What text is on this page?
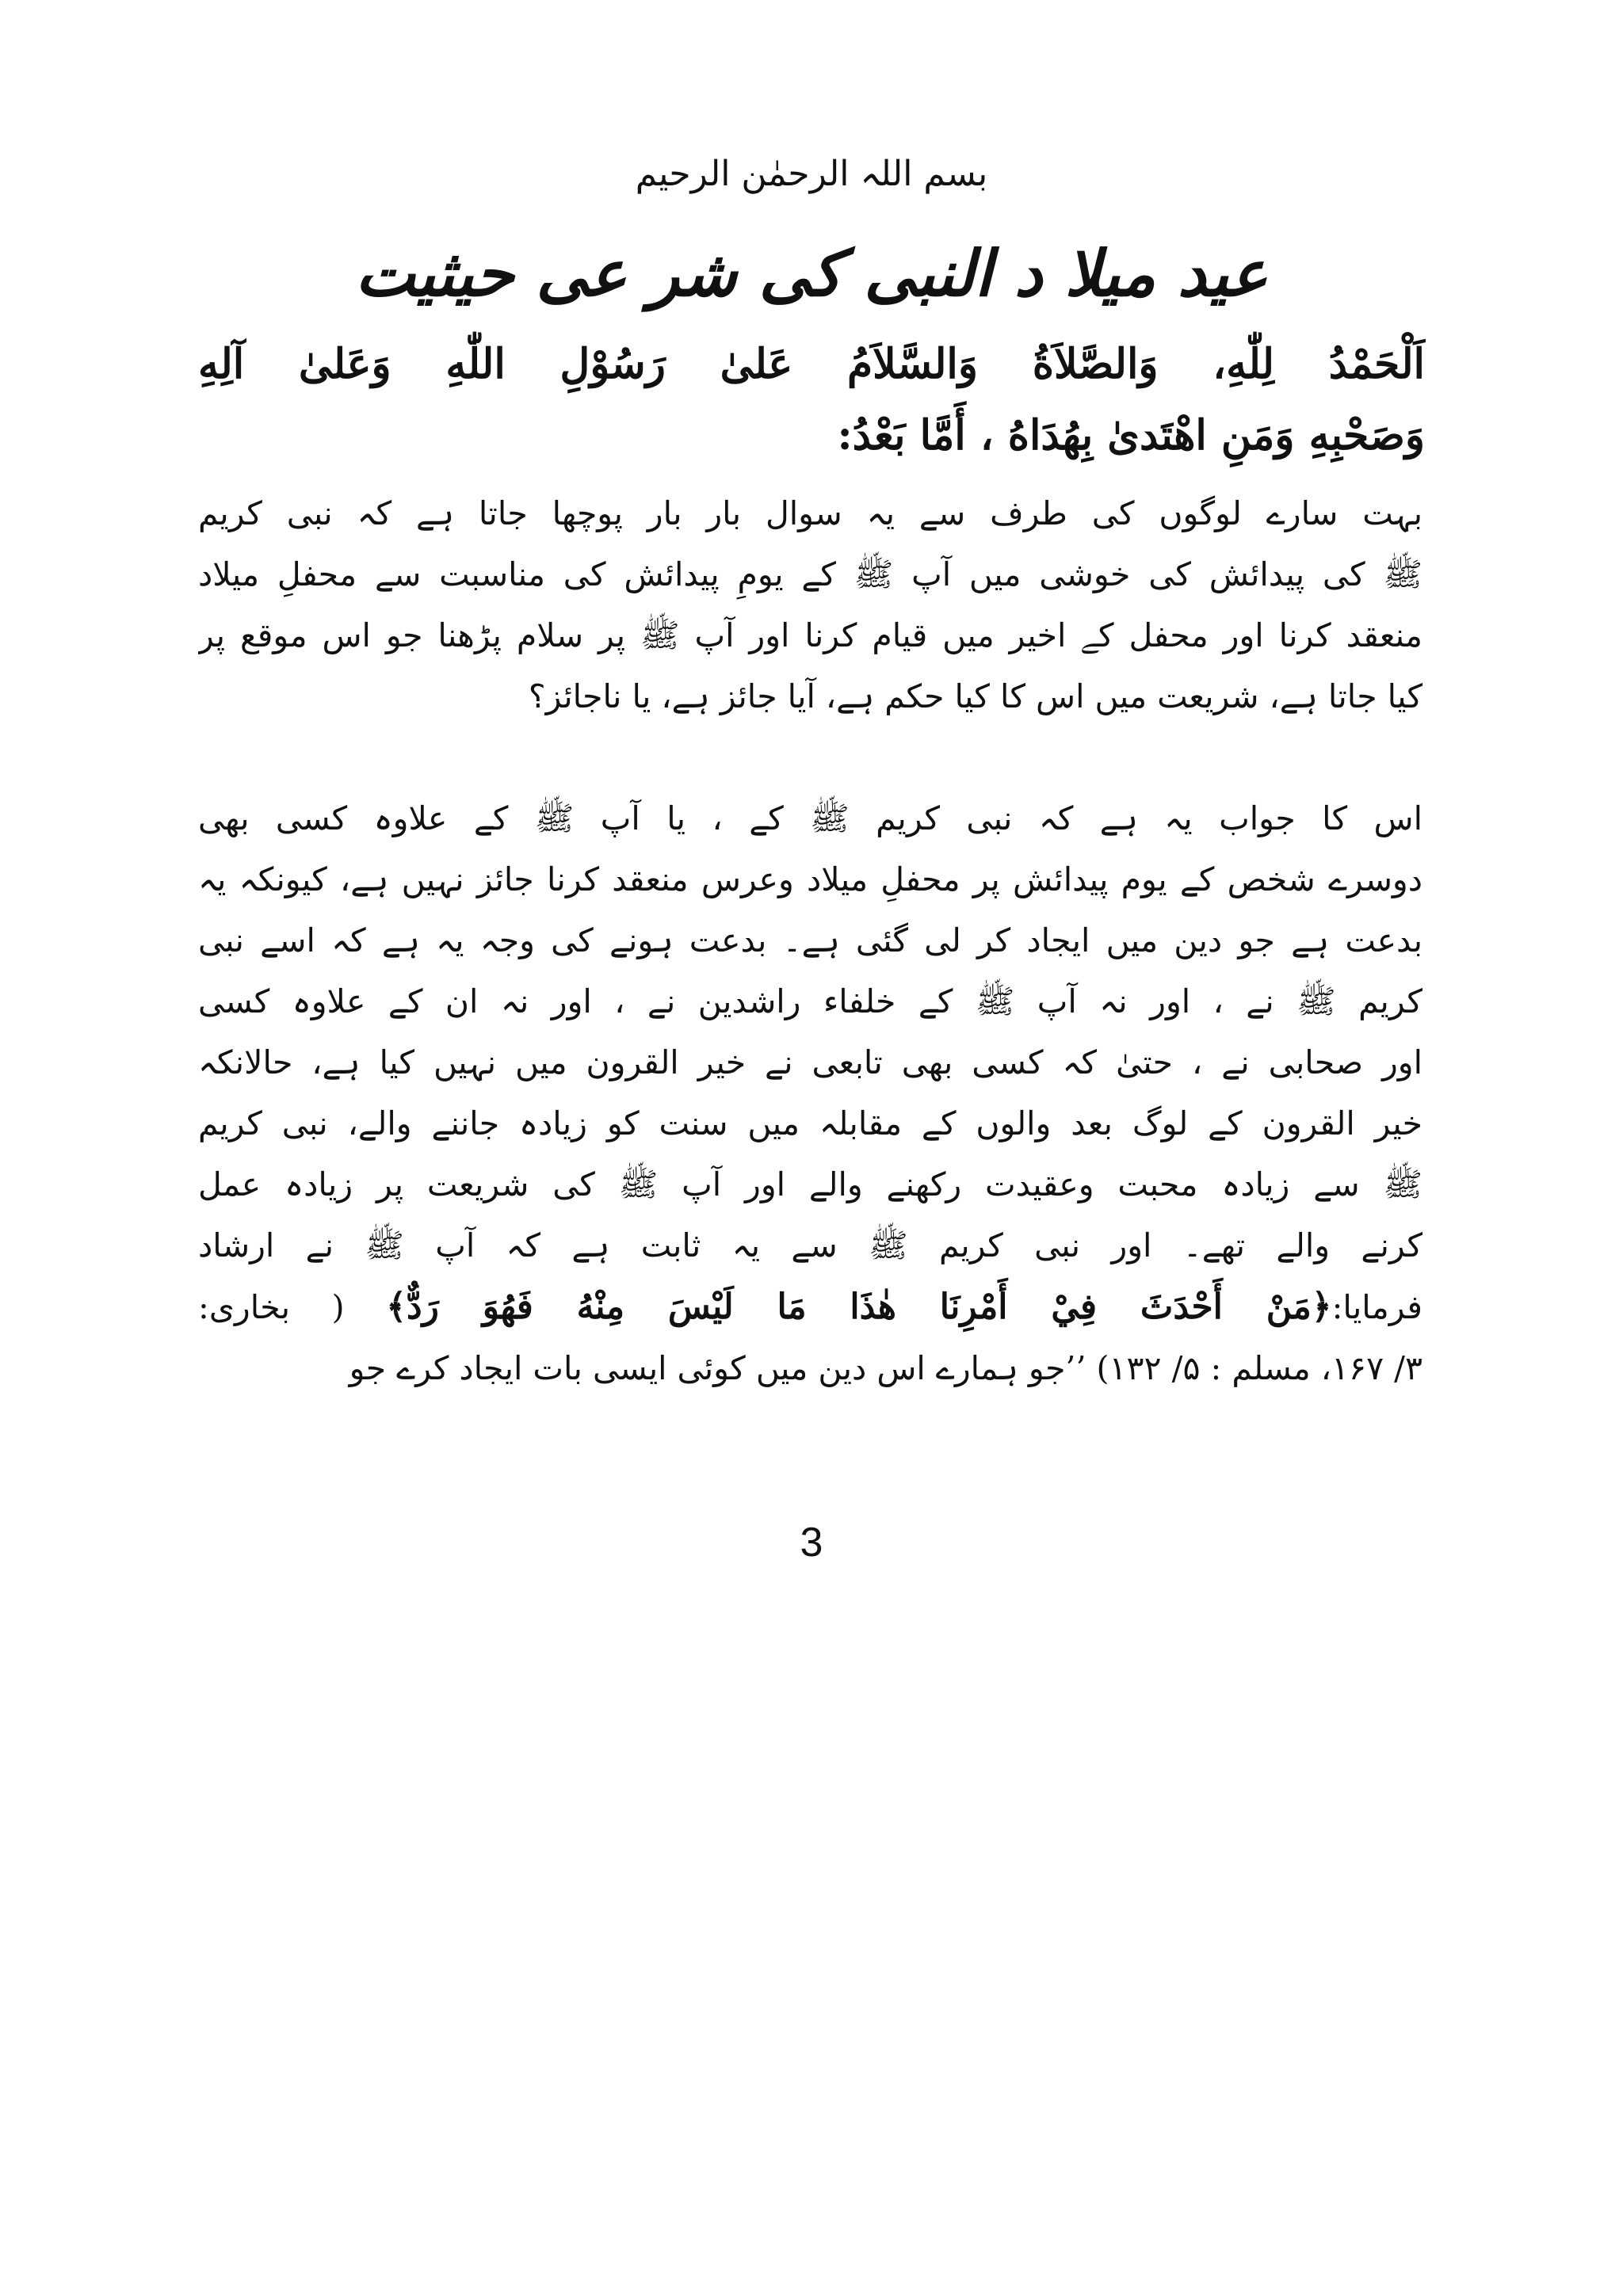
بسم اللہ الرحمٰن الرحیم
عید میلا د النبی کی شر عی حیثیت
اَلْحَمْدُ لِلّٰهِ، وَالصَّلاَةُ وَالسَّلاَمُ عَلیٰ رَسُوْلِ اللّٰهِ وَعَلیٰ آلِهِ
وَصَحْبِهِ وَمَنِ اهْتَدیٰ بِهُدَاهُ ، أَمَّا بَعْدُ:
بہت سارے لوگوں کی طرف سے یہ سوال بار بار پوچھا جاتا ہے کہ نبی کریم
ﷺ کی پیدائش کی خوشی میں آپ ﷺ کے یومِ پیدائش کی مناسبت سے محفلِ میلاد
منعقد کرنا اور محفل کے اخیر میں قیام کرنا اور آپ ﷺ پر سلام پڑھنا جو اس موقع پر
کیا جاتا ہے، شریعت میں اس کا کیا حکم ہے، آیا جائز ہے، یا ناجائز؟
اس کا جواب یہ ہے کہ نبی کریم ﷺ کے ، یا آپ ﷺ کے علاوہ کسی بھی
دوسرے شخص کے یوم پیدائش پر محفلِ میلاد وعرس منعقد کرنا جائز نہیں ہے، کیونکہ یہ
بدعت ہے جو دین میں ایجاد کر لی گئی ہے۔ بدعت ہونے کی وجہ یہ ہے کہ اسے نبی
کریم ﷺ نے ، اور نہ آپ ﷺ کے خلفاء راشدین نے ، اور نہ ان کے علاوہ کسی
اور صحابی نے ، حتیٰ کہ کسی بھی تابعی نے خیر القرون میں نہیں کیا ہے، حالانکہ
خیر القرون کے لوگ بعد والوں کے مقابلہ میں سنت کو زیادہ جاننے والے، نبی کریم
ﷺ سے زیادہ محبت وعقیدت رکھنے والے اور آپ ﷺ کی شریعت پر زیادہ عمل
کرنے والے تھے۔ اور نبی کریم ﷺ سے یہ ثابت ہے کہ آپ ﷺ نے ارشاد
فرمایا:﴿مَنْ أَحْدَثَ فِيْ أَمْرِنَا هٰذَا مَا لَيْسَ مِنْهُ فَهُوَ رَدٌّ﴾ ( بخاری:
۳/ ۱۶۷، مسلم : ۵/ ۱۳۲) ’’جو ہمارے اس دین میں کوئی ایسی بات ایجاد کرے جو
3
